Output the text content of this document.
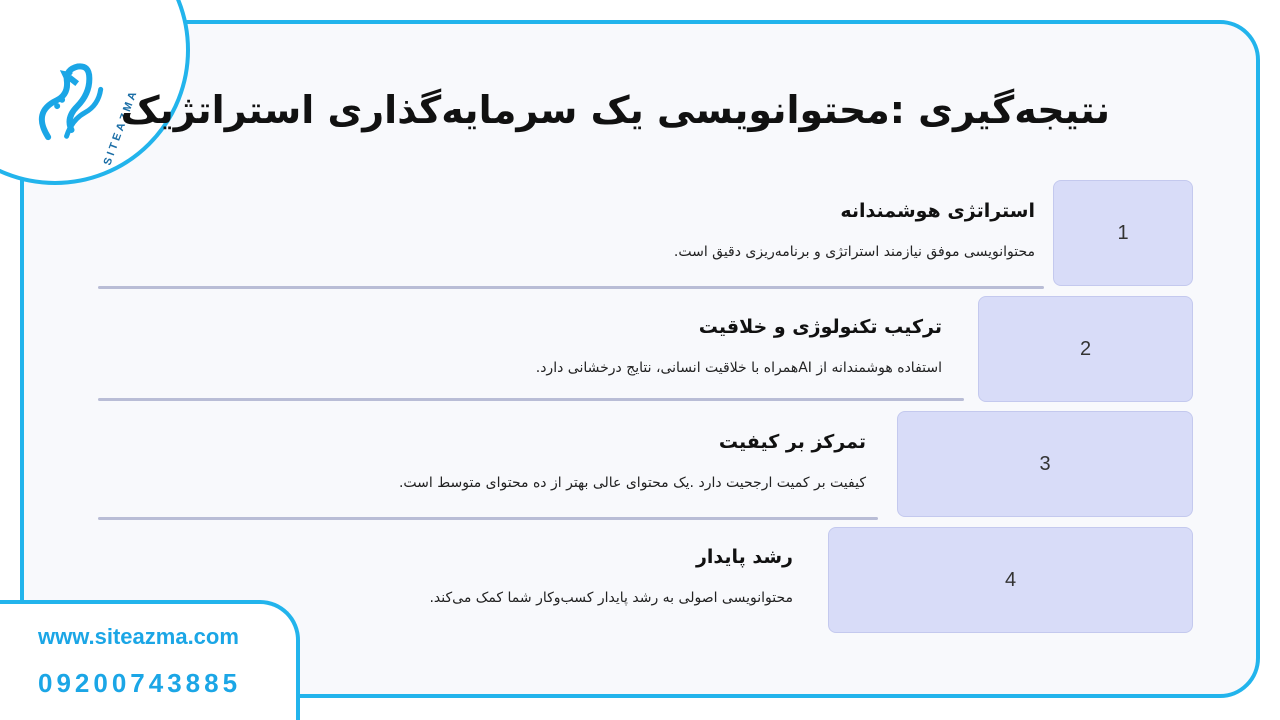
SITEAZMA
www.siteazma.com
09200743885
نتیجه‌گیری :محتوانویسی یک سرمایه‌گذاری استراتژیک
1
استراتژی هوشمندانه
محتوانویسی موفق نیازمند استراتژی و برنامه‌ریزی دقیق است.
2
ترکیب تکنولوژی و خلاقیت
استفاده هوشمندانه از AIهمراه با خلاقیت انسانی، نتایج درخشانی دارد.
3
تمرکز بر کیفیت
کیفیت بر کمیت ارجحیت دارد .یک محتوای عالی بهتر از ده محتوای متوسط است.
4
رشد پایدار
محتوانویسی اصولی به رشد پایدار کسب‌وکار شما کمک می‌کند.
